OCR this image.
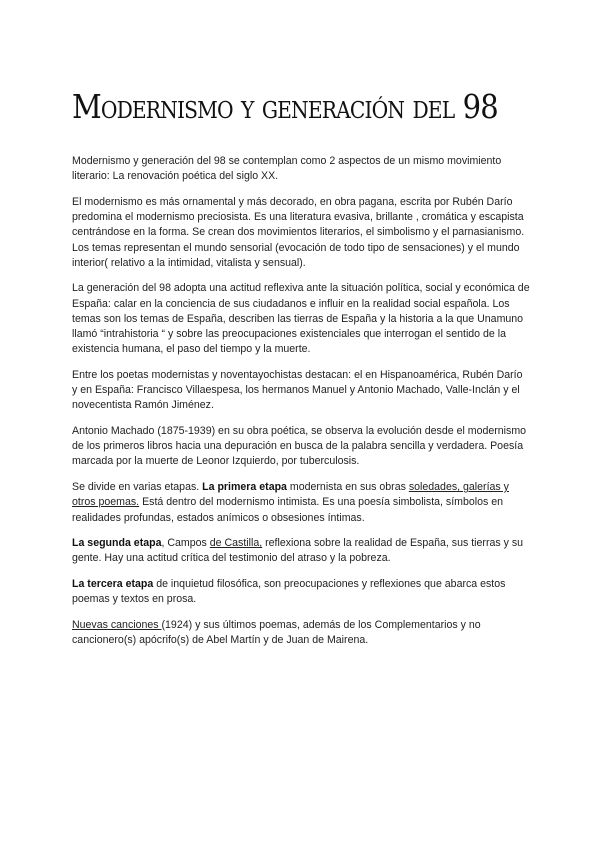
Modernismo y generación del 98

Modernismo y generación del 98 se contemplan como 2 aspectos de un mismo movimiento literario: La renovación poética del siglo XX.

El modernismo es más ornamental y más decorado, en obra pagana, escrita por Rubén Darío predomina el modernismo preciosista. Es una literatura evasiva, brillante , cromática y escapista centrándose en la forma. Se crean dos movimientos literarios, el simbolismo y el parnasianismo. Los temas representan el mundo sensorial (evocación de todo tipo de sensaciones) y el mundo interior( relativo a la intimidad, vitalista y sensual).

La generación del 98 adopta una actitud reflexiva ante la situación política, social y económica de España: calar en la conciencia de sus ciudadanos e influir en la realidad social española. Los temas son los temas de España, describen las tierras de España y la historia a la que Unamuno llamó “intrahistoria “ y sobre las preocupaciones existenciales que interrogan el sentido de la existencia humana, el paso del tiempo y la muerte.

Entre los poetas modernistas y noventayochistas destacan: el en Hispanoamérica, Rubén Darío y en España: Francisco Villaespesa, los hermanos Manuel y Antonio Machado, Valle-Inclán y el novecentista Ramón Jiménez.

Antonio Machado (1875-1939) en su obra poética, se observa la evolución desde el modernismo de los primeros libros hacia una depuración en busca de la palabra sencilla y verdadera. Poesía marcada por la muerte de Leonor Izquierdo, por tuberculosis.

Se divide en varias etapas. La primera etapa modernista en sus obras soledades, galerías y otros poemas. Está dentro del modernismo intimista. Es una poesía simbolista, símbolos en realidades profundas, estados anímicos o obsesiones íntimas.

La segunda etapa, Campos de Castilla, reflexiona sobre la realidad de España, sus tierras y su gente. Hay una actitud crítica del testimonio del atraso y la pobreza.

La tercera etapa de inquietud filosófica, son preocupaciones y reflexiones que abarca estos poemas y textos en prosa.

Nuevas canciones (1924) y sus últimos poemas, además de los Complementarios y no cancionero(s) apócrifo(s) de Abel Martín y de Juan de Mairena.
